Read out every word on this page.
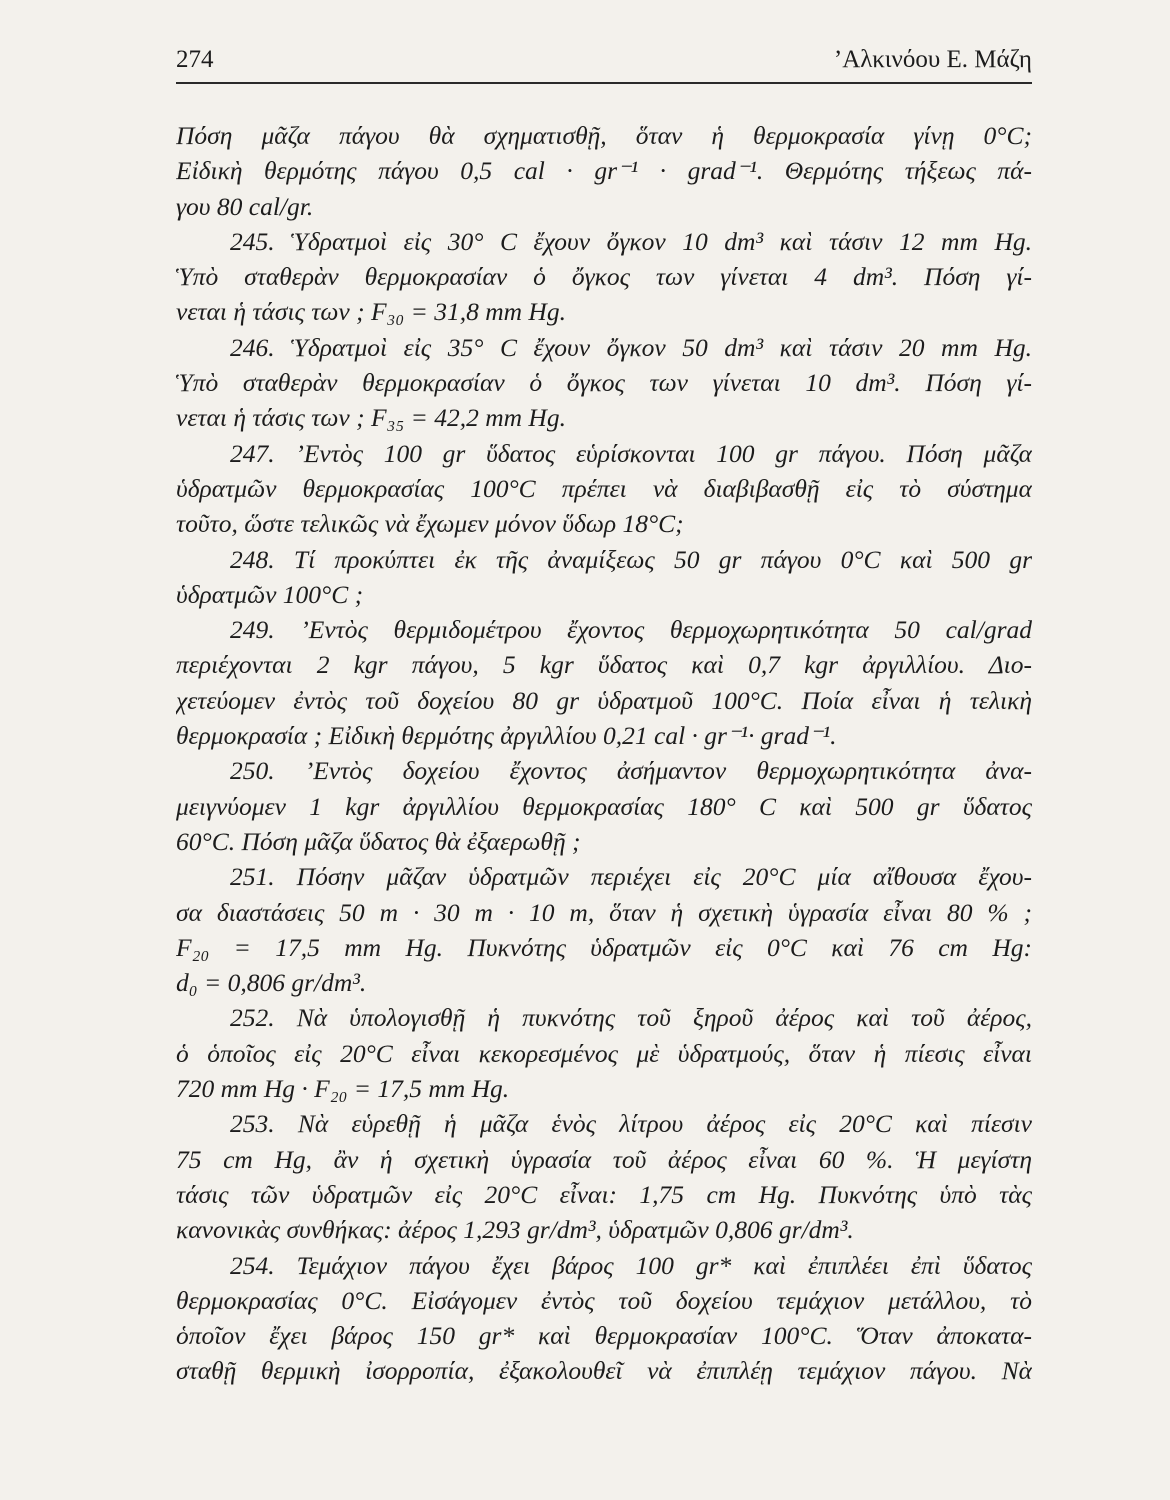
274	’Αλκινόου Ε. Μάζη
Πόση μᾶζα πάγου θὰ σχηματισθῇ, ὅταν ἡ θερμοκρασία γίνῃ 0°C;
Εἰδικὴ θερμότης πάγου 0,5 cal · gr⁻¹ · grad⁻¹. Θερμότης τήξεως πά-
γου 80 cal/gr.
245. Ὑδρατμοὶ εἰς 30° C ἔχουν ὄγκον 10 dm³ καὶ τάσιν 12 mm Hg.
Ὑπὸ σταθερὰν θερμοκρασίαν ὁ ὄγκος των γίνεται 4 dm³. Πόση γί-
νεται ἡ τάσις των ; F₃₀ = 31,8 mm Hg.
246. Ὑδρατμοὶ εἰς 35° C ἔχουν ὄγκον 50 dm³ καὶ τάσιν 20 mm Hg.
Ὑπὸ σταθερὰν θερμοκρασίαν ὁ ὄγκος των γίνεται 10 dm³. Πόση γί-
νεται ἡ τάσις των ; F₃₅ = 42,2 mm Hg.
247. ’Εντὸς 100 gr ὕδατος εὑρίσκονται 100 gr πάγου. Πόση μᾶζα
ὑδρατμῶν θερμοκρασίας 100°C πρέπει νὰ διαβιβασθῇ εἰς τὸ σύστημα
τοῦτο, ὥστε τελικῶς νὰ ἔχωμεν μόνον ὕδωρ 18°C;
248. Τί προκύπτει ἐκ τῆς ἀναμίξεως 50 gr πάγου 0°C καὶ 500 gr
ὑδρατμῶν 100°C ;
249. ’Εντὸς θερμιδομέτρου ἔχοντος θερμοχωρητικότητα 50 cal/grad
περιέχονται 2 kgr πάγου, 5 kgr ὕδατος καὶ 0,7 kgr ἀργιλλίου. Διο-
χετεύομεν ἐντὸς τοῦ δοχείου 80 gr ὑδρατμοῦ 100°C. Ποία εἶναι ἡ τελικὴ
θερμοκρασία ; Εἰδικὴ θερμότης ἀργιλλίου 0,21 cal · gr⁻¹· grad⁻¹.
250. ’Εντὸς δοχείου ἔχοντος ἀσήμαντον θερμοχωρητικότητα ἀνα-
μειγνύομεν 1 kgr ἀργιλλίου θερμοκρασίας 180° C καὶ 500 gr ὕδατος
60°C. Πόση μᾶζα ὕδατος θὰ ἐξαερωθῇ ;
251. Πόσην μᾶζαν ὑδρατμῶν περιέχει εἰς 20°C μία αἴθουσα ἔχου-
σα διαστάσεις 50 m · 30 m · 10 m, ὅταν ἡ σχετικὴ ὑγρασία εἶναι 80 % ;
F₂₀ = 17,5 mm Hg. Πυκνότης ὑδρατμῶν εἰς 0°C καὶ 76 cm Hg:
d₀ = 0,806 gr/dm³.
252. Νὰ ὑπολογισθῇ ἡ πυκνότης τοῦ ξηροῦ ἀέρος καὶ τοῦ ἀέρος,
ὁ ὁποῖος εἰς 20°C εἶναι κεκορεσμένος μὲ ὑδρατμούς, ὅταν ἡ πίεσις εἶναι
720 mm Hg · F₂₀ = 17,5 mm Hg.
253. Νὰ εὑρεθῇ ἡ μᾶζα ἑνὸς λίτρου ἀέρος εἰς 20°C καὶ πίεσιν
75 cm Hg, ἂν ἡ σχετικὴ ὑγρασία τοῦ ἀέρος εἶναι 60 %. Ἡ μεγίστη
τάσις τῶν ὑδρατμῶν εἰς 20°C εἶναι: 1,75 cm Hg. Πυκνότης ὑπὸ τὰς
κανονικὰς συνθήκας: ἀέρος 1,293 gr/dm³, ὑδρατμῶν 0,806 gr/dm³.
254. Τεμάχιον πάγου ἔχει βάρος 100 gr* καὶ ἐπιπλέει ἐπὶ ὕδατος
θερμοκρασίας 0°C. Εἰσάγομεν ἐντὸς τοῦ δοχείου τεμάχιον μετάλλου, τὸ
ὁποῖον ἔχει βάρος 150 gr* καὶ θερμοκρασίαν 100°C. Ὅταν ἀποκατα-
σταθῇ θερμικὴ ἰσορροπία, ἐξακολουθεῖ νὰ ἐπιπλέῃ τεμάχιον πάγου. Νὰ
